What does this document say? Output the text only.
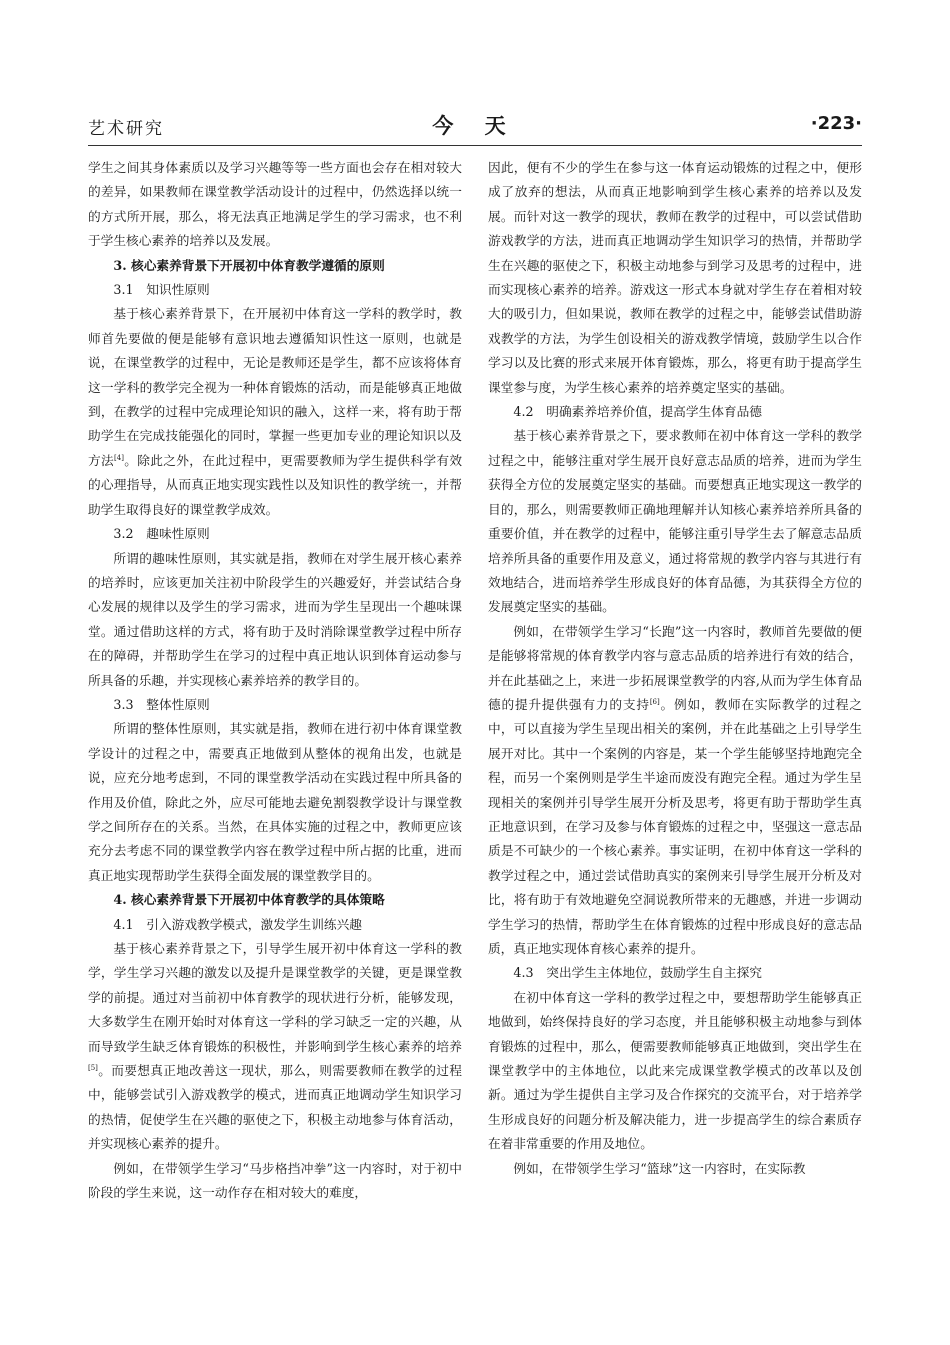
艺术研究	今 天	·223·

学生之间其身体素质以及学习兴趣等等一些方面也会存在相对较大的差异，如果教师在课堂教学活动设计的过程中，仍然选择以统一的方式所开展，那么，将无法真正地满足学生的学习需求，也不利于学生核心素养的培养以及发展。

3. 核心素养背景下开展初中体育教学遵循的原则
3.1　知识性原则

基于核心素养背景下，在开展初中体育这一学科的教学时，教师首先要做的便是能够有意识地去遵循知识性这一原则，也就是说，在课堂教学的过程中，无论是教师还是学生，都不应该将体育这一学科的教学完全视为一种体育锻炼的活动，而是能够真正地做到，在教学的过程中完成理论知识的融入，这样一来，将有助于帮助学生在完成技能强化的同时，掌握一些更加专业的理论知识以及方法[4]。除此之外，在此过程中，更需要教师为学生提供科学有效的心理指导，从而真正地实现实践性以及知识性的教学统一，并帮助学生取得良好的课堂教学成效。

3.2　趣味性原则

所谓的趣味性原则，其实就是指，教师在对学生展开核心素养的培养时，应该更加关注初中阶段学生的兴趣爱好，并尝试结合身心发展的规律以及学生的学习需求，进而为学生呈现出一个趣味课堂。通过借助这样的方式，将有助于及时消除课堂教学过程中所存在的障碍，并帮助学生在学习的过程中真正地认识到体育运动参与所具备的乐趣，并实现核心素养培养的教学目的。

3.3　整体性原则

所谓的整体性原则，其实就是指，教师在进行初中体育课堂教学设计的过程之中，需要真正地做到从整体的视角出发，也就是说，应充分地考虑到，不同的课堂教学活动在实践过程中所具备的作用及价值，除此之外，应尽可能地去避免割裂教学设计与课堂教学之间所存在的关系。当然，在具体实施的过程之中，教师更应该充分去考虑不同的课堂教学内容在教学过程中所占据的比重，进而真正地实现帮助学生获得全面发展的课堂教学目的。

4. 核心素养背景下开展初中体育教学的具体策略
4.1　引入游戏教学模式，激发学生训练兴趣

基于核心素养背景之下，引导学生展开初中体育这一学科的教学，学生学习兴趣的激发以及提升是课堂教学的关键，更是课堂教学的前提。通过对当前初中体育教学的现状进行分析，能够发现，大多数学生在刚开始时对体育这一学科的学习缺乏一定的兴趣，从而导致学生缺乏体育锻炼的积极性，并影响到学生核心素养的培养[5]。而要想真正地改善这一现状，那么，则需要教师在教学的过程中，能够尝试引入游戏教学的模式，进而真正地调动学生知识学习的热情，促使学生在兴趣的驱使之下，积极主动地参与体育活动，并实现核心素养的提升。

例如，在带领学生学习“马步格挡冲拳”这一内容时，对于初中阶段的学生来说，这一动作存在相对较大的难度，

因此，便有不少的学生在参与这一体育运动锻炼的过程之中，便形成了放弃的想法，从而真正地影响到学生核心素养的培养以及发展。而针对这一教学的现状，教师在教学的过程中，可以尝试借助游戏教学的方法，进而真正地调动学生知识学习的热情，并帮助学生在兴趣的驱使之下，积极主动地参与到学习及思考的过程中，进而实现核心素养的培养。游戏这一形式本身就对学生存在着相对较大的吸引力，但如果说，教师在教学的过程之中，能够尝试借助游戏教学的方法，为学生创设相关的游戏教学情境，鼓励学生以合作学习以及比赛的形式来展开体育锻炼，那么，将更有助于提高学生课堂参与度，为学生核心素养的培养奠定坚实的基础。

4.2　明确素养培养价值，提高学生体育品德

基于核心素养背景之下，要求教师在初中体育这一学科的教学过程之中，能够注重对学生展开良好意志品质的培养，进而为学生获得全方位的发展奠定坚实的基础。而要想真正地实现这一教学的目的，那么，则需要教师正确地理解并认知核心素养培养所具备的重要价值，并在教学的过程中，能够注重引导学生去了解意志品质培养所具备的重要作用及意义，通过将常规的教学内容与其进行有效地结合，进而培养学生形成良好的体育品德，为其获得全方位的发展奠定坚实的基础。

例如，在带领学生学习“长跑”这一内容时，教师首先要做的便是能够将常规的体育教学内容与意志品质的培养进行有效的结合，并在此基础之上，来进一步拓展课堂教学的内容,从而为学生体育品德的提升提供强有力的支持[6]。例如，教师在实际教学的过程之中，可以直接为学生呈现出相关的案例，并在此基础之上引导学生展开对比。其中一个案例的内容是，某一个学生能够坚持地跑完全程，而另一个案例则是学生半途而废没有跑完全程。通过为学生呈现相关的案例并引导学生展开分析及思考，将更有助于帮助学生真正地意识到，在学习及参与体育锻炼的过程之中，坚强这一意志品质是不可缺少的一个核心素养。事实证明，在初中体育这一学科的教学过程之中，通过尝试借助真实的案例来引导学生展开分析及对比，将有助于有效地避免空洞说教所带来的无趣感，并进一步调动学生学习的热情，帮助学生在体育锻炼的过程中形成良好的意志品质，真正地实现体育核心素养的提升。

4.3　突出学生主体地位，鼓励学生自主探究

在初中体育这一学科的教学过程之中，要想帮助学生能够真正地做到，始终保持良好的学习态度，并且能够积极主动地参与到体育锻炼的过程中，那么，便需要教师能够真正地做到，突出学生在课堂教学中的主体地位，以此来完成课堂教学模式的改革以及创新。通过为学生提供自主学习及合作探究的交流平台，对于培养学生形成良好的问题分析及解决能力，进一步提高学生的综合素质存在着非常重要的作用及地位。

例如，在带领学生学习“篮球”这一内容时，在实际教
